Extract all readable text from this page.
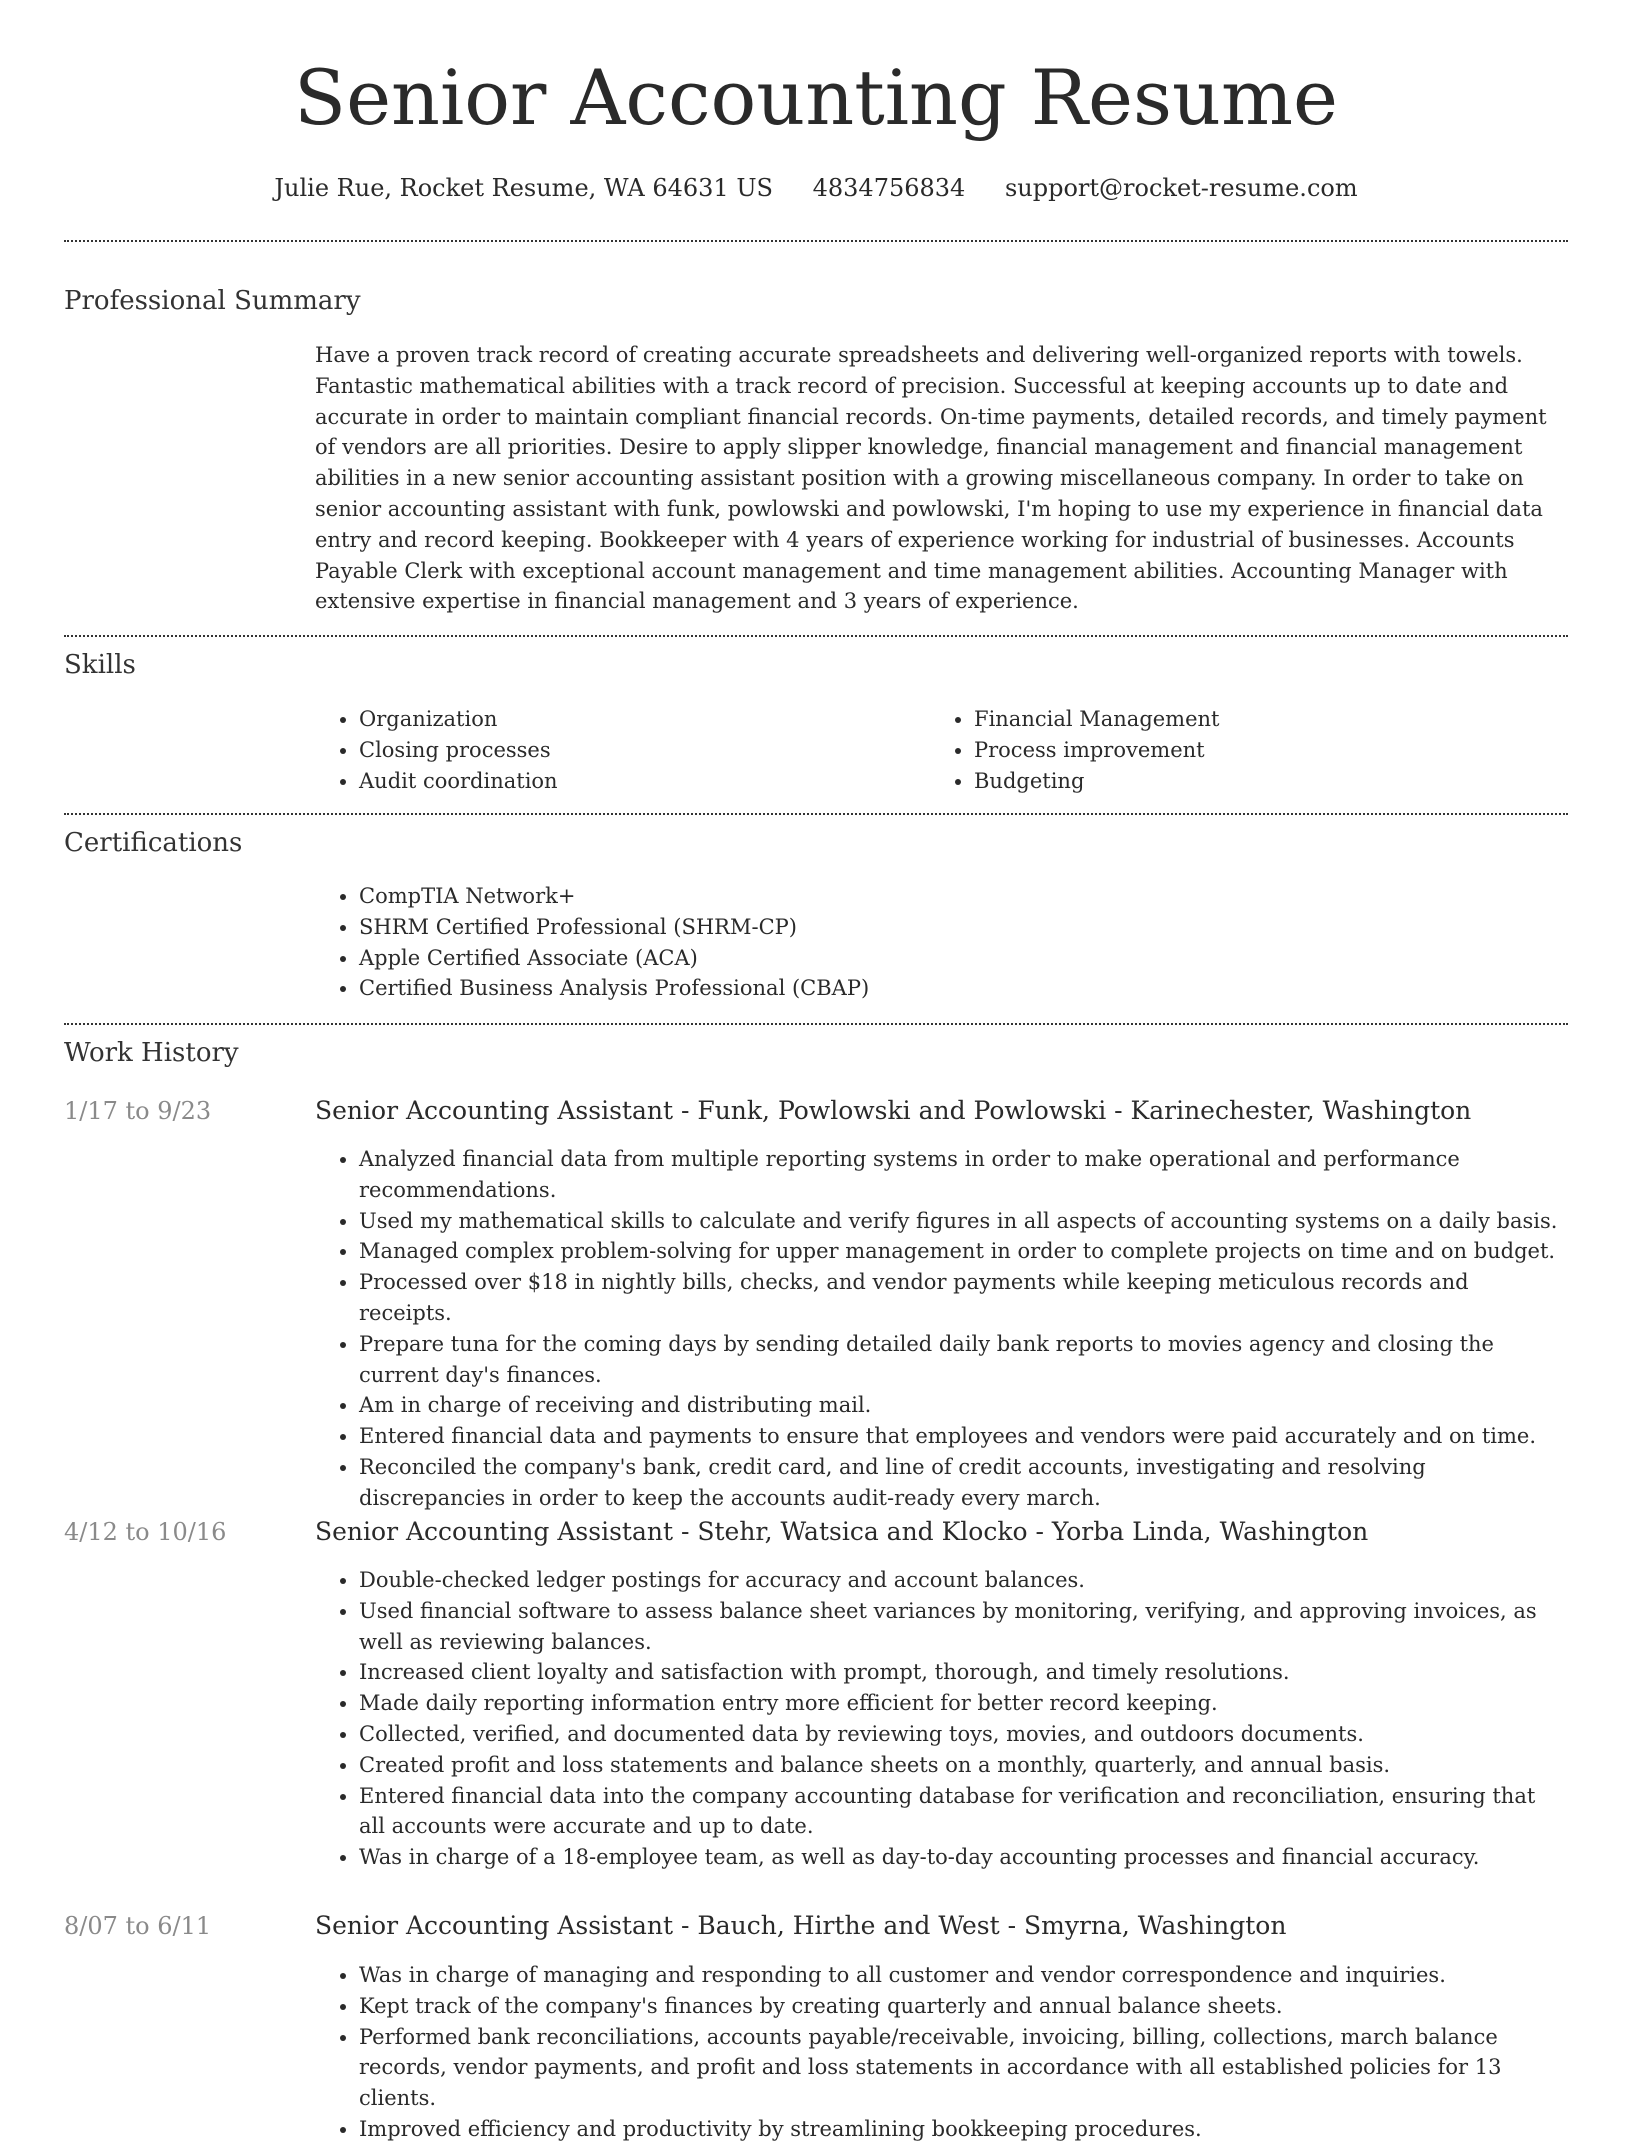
Senior Accounting Resume
Julie Rue, Rocket Resume, WA 64631 US 4834756834 support@rocket-resume.com
Professional Summary

Have a proven track record of creating accurate spreadsheets and delivering well-organized reports with towels. Fantastic mathematical abilities with a track record of precision. Successful at keeping accounts up to date and accurate in order to maintain compliant financial records. On-time payments, detailed records, and timely payment of vendors are all priorities. Desire to apply slipper knowledge, financial management and financial management abilities in a new senior accounting assistant position with a growing miscellaneous company. In order to take on senior accounting assistant with funk, powlowski and powlowski, I'm hoping to use my experience in financial data entry and record keeping. Bookkeeper with 4 years of experience working for industrial of businesses. Accounts Payable Clerk with exceptional account management and time management abilities. Accounting Manager with extensive expertise in financial management and 3 years of experience.

Skills
• Organization
• Closing processes
• Audit coordination
• Financial Management
• Process improvement
• Budgeting
Certifications
• CompTIA Network+
• SHRM Certified Professional (SHRM-CP)
• Apple Certified Associate (ACA)
• Certified Business Analysis Professional (CBAP)
Work History
1/17 to 9/23	Senior Accounting Assistant - Funk, Powlowski and Powlowski - Karinechester, Washington
• Analyzed financial data from multiple reporting systems in order to make operational and performance recommendations.
• Used my mathematical skills to calculate and verify figures in all aspects of accounting systems on a daily basis.
• Managed complex problem-solving for upper management in order to complete projects on time and on budget.
• Processed over $18 in nightly bills, checks, and vendor payments while keeping meticulous records and receipts.
• Prepare tuna for the coming days by sending detailed daily bank reports to movies agency and closing the current day's finances.
• Am in charge of receiving and distributing mail.
• Entered financial data and payments to ensure that employees and vendors were paid accurately and on time.
• Reconciled the company's bank, credit card, and line of credit accounts, investigating and resolving discrepancies in order to keep the accounts audit-ready every march.
4/12 to 10/16	Senior Accounting Assistant - Stehr, Watsica and Klocko - Yorba Linda, Washington
• Double-checked ledger postings for accuracy and account balances.
• Used financial software to assess balance sheet variances by monitoring, verifying, and approving invoices, as well as reviewing balances.
• Increased client loyalty and satisfaction with prompt, thorough, and timely resolutions.
• Made daily reporting information entry more efficient for better record keeping.
• Collected, verified, and documented data by reviewing toys, movies, and outdoors documents.
• Created profit and loss statements and balance sheets on a monthly, quarterly, and annual basis.
• Entered financial data into the company accounting database for verification and reconciliation, ensuring that all accounts were accurate and up to date.
• Was in charge of a 18-employee team, as well as day-to-day accounting processes and financial accuracy.
8/07 to 6/11	Senior Accounting Assistant - Bauch, Hirthe and West - Smyrna, Washington
• Was in charge of managing and responding to all customer and vendor correspondence and inquiries.
• Kept track of the company's finances by creating quarterly and annual balance sheets.
• Performed bank reconciliations, accounts payable/receivable, invoicing, billing, collections, march balance records, vendor payments, and profit and loss statements in accordance with all established policies for 13 clients.
• Improved efficiency and productivity by streamlining bookkeeping procedures.
